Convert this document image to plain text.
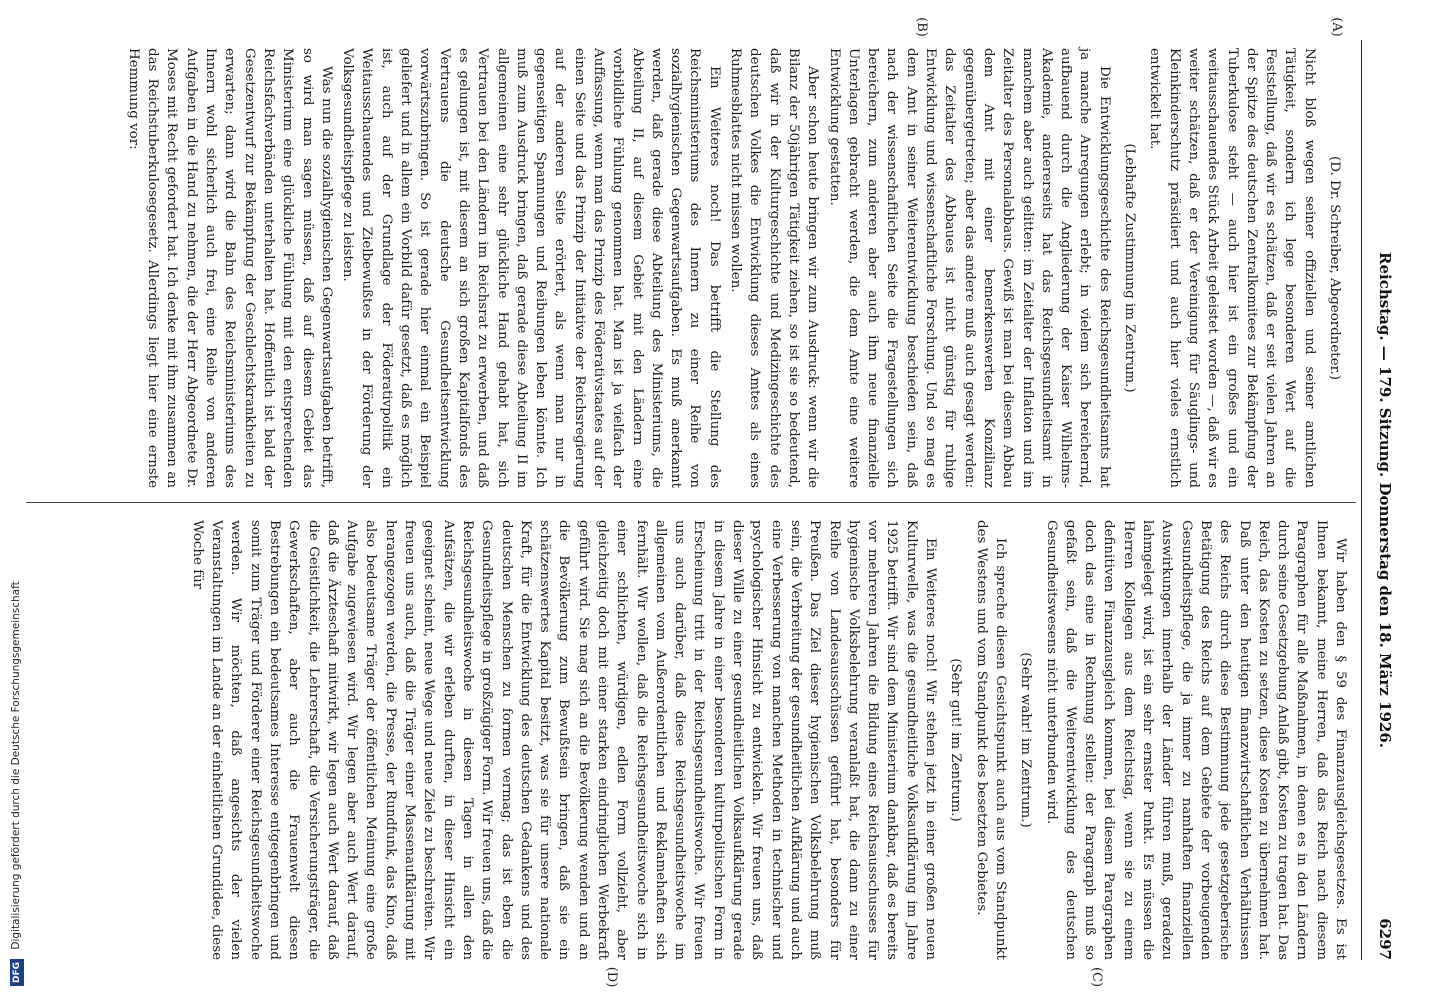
DFG Digitalisierung gefördert durch die Deutsche Forschungsgemeinschaft
Reichstag. — 179. Sitzung. Donnerstag den 18. März 1926.
6297
(A)
(B)
(C)
(D)

(D. Dr. Schreiber, Abgeordneter.)

Nicht bloß wegen seiner offiziellen und seiner amtlichen Tätigkeit, sondern ich lege besonderen Wert auf die Feststellung, daß wir es schätzen, daß er seit vielen Jahren an der Spitze des deutschen Zentralkomitees zur Bekämpfung der Tuberkulose steht — auch hier ist ein großes und ein weitausschauendes Stück Arbeit geleistet worden —, daß wir es weiter schätzen, daß er der Vereinigung für Säuglings- und Kleinkinderschutz präsidiert und auch hier vieles ernstlich entwickelt hat.

(Lebhafte Zustimmung im Zentrum.)

Die Entwicklungsgeschichte des Reichsgesundheitsamts hat ja manche Anregungen erlebt; in vielem sich bereichernd, aufbauend durch die Angliederung der Kaiser Wilhelms-Akademie, andererseits hat das Reichsgesundheitsamt in manchem aber auch gelitten: im Zeitalter der Inflation und im Zeitalter des Personalabbaus. Gewiß ist man bei diesem Abbau dem Amt mit einer bemerkenswerten Konzilianz gegenübergetreten; aber das andere muß auch gesagt werden: das Zeitalter des Abbaues ist nicht günstig für ruhige Entwicklung und wissenschaftliche Forschung. Und so mag es dem Amt in seiner Weiterentwicklung beschieden sein, daß nach der wissenschaftlichen Seite die Fragestellungen sich bereichern, zum anderen aber auch ihm neue finanzielle Unterlagen gebracht werden, die dem Amte eine weitere Entwicklung gestatten.

Aber schon heute bringen wir zum Ausdruck: wenn wir die Bilanz der 50jährigen Tätigkeit ziehen, so ist sie so bedeutend, daß wir in der Kulturgeschichte und Medizingeschichte des deutschen Volkes die Entwicklung dieses Amtes als eines Ruhmesblattes nicht missen wollen.

Ein Weiteres noch! Das betrifft die Stellung des Reichsministeriums des Innern zu einer Reihe von sozialhygienischen Gegenwartsaufgaben. Es muß anerkannt werden, daß gerade diese Abteilung des Ministeriums, die Abteilung II, auf diesem Gebiet mit den Ländern eine vorbildliche Fühlung genommen hat. Man ist ja vielfach der Auffassung, wenn man das Prinzip des Föderativstaates auf der einen Seite und das Prinzip der Initiative der Reichsregierung auf der anderen Seite erörtert, als wenn man nur in gegenseitigen Spannungen und Reibungen leben könnte. Ich muß zum Ausdruck bringen, daß gerade diese Abteilung II im allgemeinen eine sehr glückliche Hand gehabt hat, sich Vertrauen bei den Ländern im Reichsrat zu erwerben, und daß es gelungen ist, mit diesem an sich großen Kapitalfonds des Vertrauens die deutsche Gesundheitsentwicklung vorwärtszubringen. So ist gerade hier einmal ein Beispiel geliefert und in allem ein Vorbild dafür gesetzt, daß es möglich ist, auch auf der Grundlage der Föderativpolitik ein Weitausschauendes und Zielbewußtes in der Förderung der Volksgesundheitspflege zu leisten.

Was nun die sozialhygienischen Gegenwartsaufgaben betrifft, so wird man sagen müssen, daß auf diesem Gebiet das Ministerium eine glückliche Fühlung mit den entsprechenden Reichsfachverbänden unterhalten hat. Hoffentlich ist bald der Gesetzentwurf zur Bekämpfung der Geschlechtskrankheiten zu erwarten; dann wird die Bahn des Reichsministeriums des Innern wohl sicherlich auch frei, eine Reihe von anderen Aufgaben in die Hand zu nehmen, die der Herr Abgeordnete Dr. Moses mit Recht gefordert hat. Ich denke mit ihm zusammen an das Reichstuberkulosegesetz. Allerdings liegt hier eine ernste Hemmung vor:

Wir haben den § 59 des Finanzausgleichsgesetzes. Es ist Ihnen bekannt, meine Herren, daß das Reich nach diesem Paragraphen für alle Maßnahmen, in denen es in den Ländern durch seine Gesetzgebung Anlaß gibt, Kosten zu tragen hat. Das Reich, das Kosten zu setzen, diese Kosten zu übernehmen hat. Daß unter den heutigen finanzwirtschaftlichen Verhältnissen des Reichs durch diese Bestimmung jede gesetzgeberische Betätigung des Reichs auf dem Gebiete der vorbeugenden Gesundheitspflege, die ja immer zu namhaften finanziellen Auswirkungen innerhalb der Länder führen muß, geradezu lahmgelegt wird, ist ein sehr ernster Punkt. Es müssen die Herren Kollegen aus dem Reichstag, wenn sie zu einem definitiven Finanzausgleich kommen, bei diesem Paragraphen doch das eine in Rechnung stellen: der Paragraph muß so gefaßt sein, daß die Weiterentwicklung des deutschen Gesundheitswesens nicht unterbunden wird.

(Sehr wahr! im Zentrum.)

Ich spreche diesen Gesichtspunkt auch aus vom Standpunkt des Westens und vom Standpunkt des besetzten Gebietes.

(Sehr gut! im Zentrum.)

Ein Weiteres noch! Wir stehen jetzt in einer großen neuen Kulturwelle, was die gesundheitliche Volksaufklärung im Jahre 1925 betrifft. Wir sind dem Ministerium dankbar, daß es bereits vor mehreren Jahren die Bildung eines Reichsausschusses für hygienische Volksbelehrung veranlaßt hat, die dann zu einer Reihe von Landesausschüssen geführt hat, besonders für Preußen. Das Ziel dieser hygienischen Volksbelehrung muß sein, die Verbreitung der gesundheitlichen Aufklärung und auch eine Verbesserung von manchen Methoden in technischer und psychologischer Hinsicht zu entwickeln. Wir freuen uns, daß dieser Wille zu einer gesundheitlichen Volksaufklärung gerade in diesem Jahre in einer besonderen kulturpolitischen Form in Erscheinung tritt in der Reichsgesundheitswoche. Wir freuen uns auch darüber, daß diese Reichsgesundheitswoche im allgemeinen vom Außerordentlichen und Reklamehaften sich fernhält. Wir wollen, daß die Reichsgesundheitswoche sich in einer schlichten, würdigen, edlen Form vollzieht, aber gleichzeitig doch mit einer starken eindringlichen Werbekraft geführt wird. Sie mag sich an die Bevölkerung wenden und an die Bevölkerung zum Bewußtsein bringen, daß sie ein schätzenswertes Kapital besitzt, was sie für unsere nationale Kraft, für die Entwicklung des deutschen Gedankens und des deutschen Menschen zu formen vermag; das ist eben die Gesundheitspflege in großzügiger Form. Wir freuen uns, daß die Reichsgesundheitswoche in diesen Tagen in allen den Aufsätzen, die wir erleben durften, in dieser Hinsicht ein geeignet scheint, neue Wege und neue Ziele zu beschreiten. Wir freuen uns auch, daß die Träger einer Massenaufklärung mit herangezogen werden, die Presse, der Rundfunk, das Kino, daß also bedeutsame Träger der öffentlichen Meinung eine große Aufgabe zugewiesen wird. Wir legen aber auch Wert darauf, daß die Ärzteschaft mitwirkt, wir legen auch Wert darauf, daß die Geistlichkeit, die Lehrerschaft, die Versicherungsträger, die Gewerkschaften, aber auch die Frauenwelt diesen Bestrebungen ein bedeutsames Interesse entgegenbringen und somit zum Träger und Förderer einer Reichsgesundheitswoche werden. Wir möchten, daß angesichts der vielen Veranstaltungen im Lande an der einheitlichen Grundidee, diese Woche für
